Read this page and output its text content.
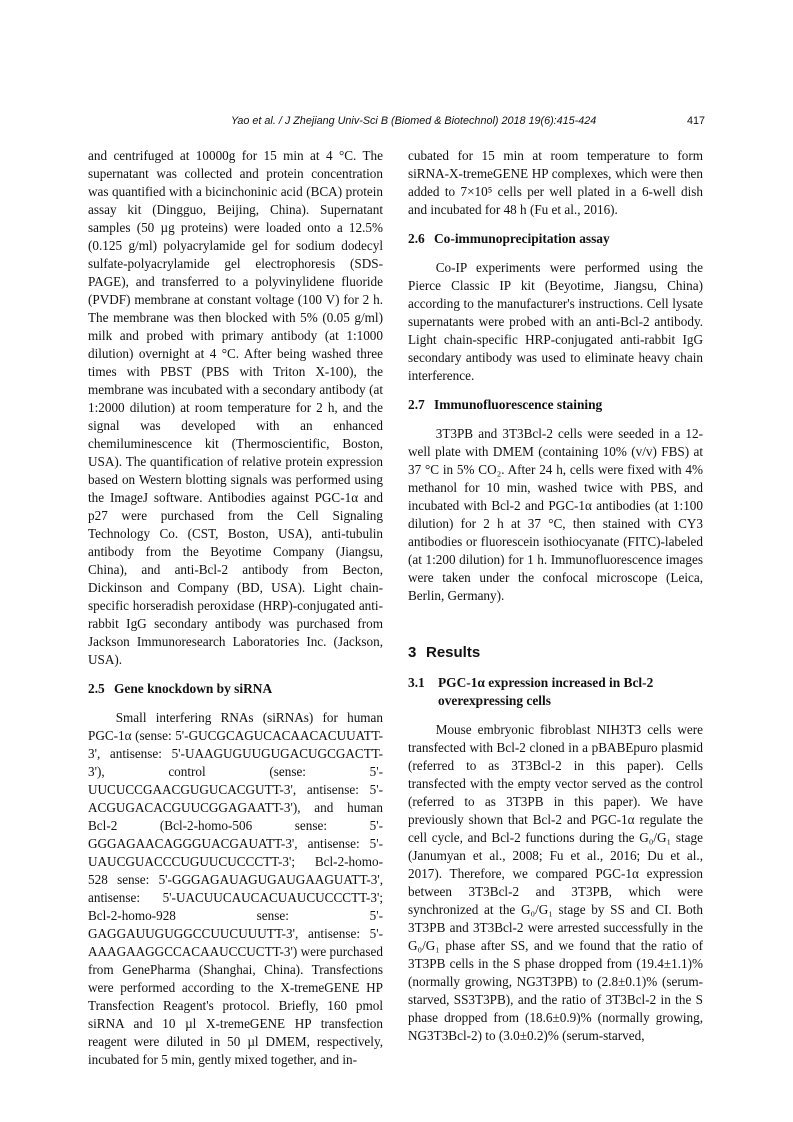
Yao et al. / J Zhejiang Univ-Sci B (Biomed & Biotechnol) 2018 19(6):415-424	417

and centrifuged at 10000g for 15 min at 4 °C. The supernatant was collected and protein concentration was quantified with a bicinchoninic acid (BCA) protein assay kit (Dingguo, Beijing, China). Supernatant samples (50 µg proteins) were loaded onto a 12.5% (0.125 g/ml) polyacrylamide gel for sodium dodecyl sulfate-polyacrylamide gel electrophoresis (SDS-PAGE), and transferred to a polyvinylidene fluoride (PVDF) membrane at constant voltage (100 V) for 2 h. The membrane was then blocked with 5% (0.05 g/ml) milk and probed with primary antibody (at 1:1000 dilution) overnight at 4 °C. After being washed three times with PBST (PBS with Triton X-100), the membrane was incubated with a secondary antibody (at 1:2000 dilution) at room temperature for 2 h, and the signal was developed with an enhanced chemiluminescence kit (Thermoscientific, Boston, USA). The quantification of relative protein expression based on Western blotting signals was performed using the ImageJ software. Antibodies against PGC-1α and p27 were purchased from the Cell Signaling Technology Co. (CST, Boston, USA), anti-tubulin antibody from the Beyotime Company (Jiangsu, China), and anti-Bcl-2 antibody from Becton, Dickinson and Company (BD, USA). Light chain-specific horseradish peroxidase (HRP)-conjugated anti-rabbit IgG secondary antibody was purchased from Jackson Immunoresearch Laboratories Inc. (Jackson, USA).

2.5 Gene knockdown by siRNA

Small interfering RNAs (siRNAs) for human PGC-1α (sense: 5'-GUCGCAGUCACAACACUUATT-3', antisense: 5'-UAAGUGUUGUGACUGCGACTT-3'), control (sense: 5'-UUCUCCGAACGUGUCACGUTT-3', antisense: 5'-ACGUGACACGUUCGGAGAATT-3'), and human Bcl-2 (Bcl-2-homo-506 sense: 5'-GGGAGAACAGGGUACGAUATT-3', antisense: 5'-UAUCGUACCCUGUUCUCCCTT-3'; Bcl-2-homo-528 sense: 5'-GGGAGAUAGUGAUGAAGUATT-3', antisense: 5'-UACUUCAUCACUAUCUCCCTT-3'; Bcl-2-homo-928 sense: 5'-GAGGAUUGUGGCCUUCUUUTT-3', antisense: 5'-AAAGAAGGCCACAAUCCUCTT-3') were purchased from GenePharma (Shanghai, China). Transfections were performed according to the X-tremeGENE HP Transfection Reagent's protocol. Briefly, 160 pmol siRNA and 10 µl X-tremeGENE HP transfection reagent were diluted in 50 µl DMEM, respectively, incubated for 5 min, gently mixed together, and in-

cubated for 15 min at room temperature to form siRNA-X-tremeGENE HP complexes, which were then added to 7×10⁵ cells per well plated in a 6-well dish and incubated for 48 h (Fu et al., 2016).

2.6 Co-immunoprecipitation assay

Co-IP experiments were performed using the Pierce Classic IP kit (Beyotime, Jiangsu, China) according to the manufacturer's instructions. Cell lysate supernatants were probed with an anti-Bcl-2 antibody. Light chain-specific HRP-conjugated anti-rabbit IgG secondary antibody was used to eliminate heavy chain interference.

2.7 Immunofluorescence staining

3T3PB and 3T3Bcl-2 cells were seeded in a 12-well plate with DMEM (containing 10% (v/v) FBS) at 37 °C in 5% CO₂. After 24 h, cells were fixed with 4% methanol for 10 min, washed twice with PBS, and incubated with Bcl-2 and PGC-1α antibodies (at 1:100 dilution) for 2 h at 37 °C, then stained with CY3 antibodies or fluorescein isothiocyanate (FITC)-labeled (at 1:200 dilution) for 1 h. Immunofluorescence images were taken under the confocal microscope (Leica, Berlin, Germany).

3 Results
3.1 PGC-1α expression increased in Bcl-2 overexpressing cells

Mouse embryonic fibroblast NIH3T3 cells were transfected with Bcl-2 cloned in a pBABEpuro plasmid (referred to as 3T3Bcl-2 in this paper). Cells transfected with the empty vector served as the control (referred to as 3T3PB in this paper). We have previously shown that Bcl-2 and PGC-1α regulate the cell cycle, and Bcl-2 functions during the G₀/G₁ stage (Janumyan et al., 2008; Fu et al., 2016; Du et al., 2017). Therefore, we compared PGC-1α expression between 3T3Bcl-2 and 3T3PB, which were synchronized at the G₀/G₁ stage by SS and CI. Both 3T3PB and 3T3Bcl-2 were arrested successfully in the G₀/G₁ phase after SS, and we found that the ratio of 3T3PB cells in the S phase dropped from (19.4±1.1)% (normally growing, NG3T3PB) to (2.8±0.1)% (serum-starved, SS3T3PB), and the ratio of 3T3Bcl-2 in the S phase dropped from (18.6±0.9)% (normally growing, NG3T3Bcl-2) to (3.0±0.2)% (serum-starved,
